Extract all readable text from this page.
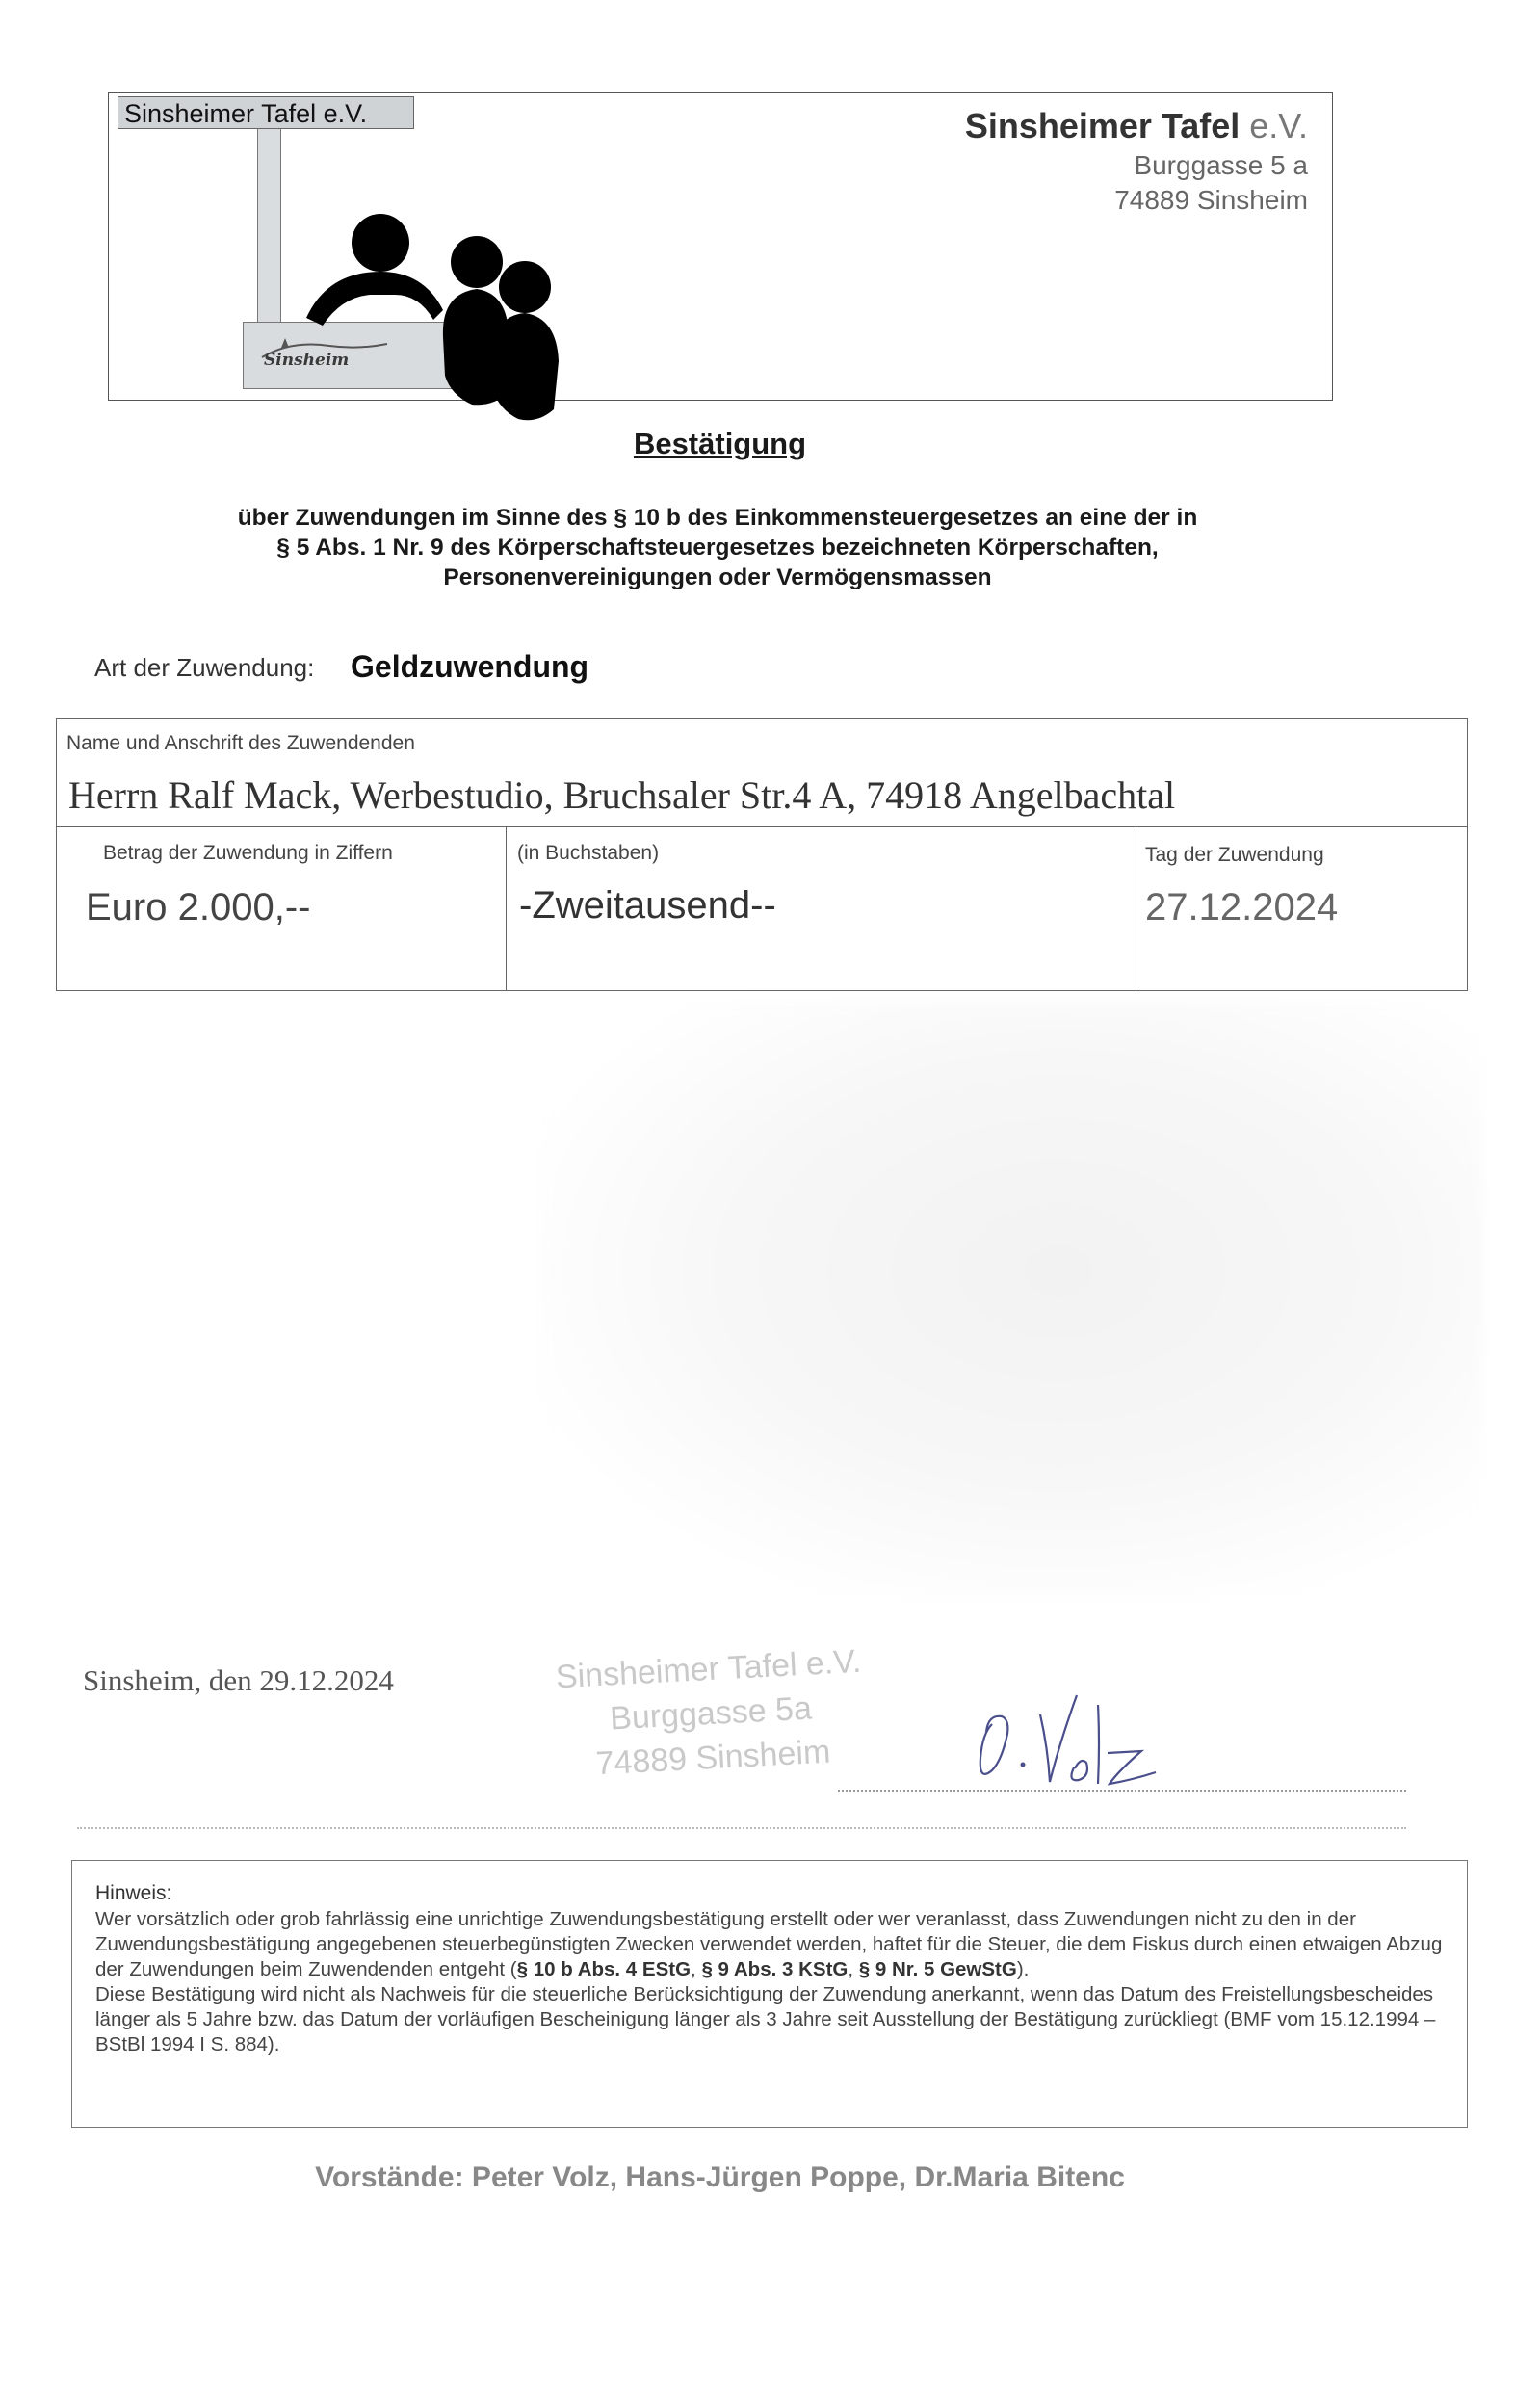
Sinsheimer Tafel e.V.
Sinsheim
Sinsheimer Tafel e.V.
Burggasse 5 a
74889 Sinsheim
Bestätigung
über Zuwendungen im Sinne des § 10 b des Einkommensteuergesetzes an eine der in
§ 5 Abs. 1 Nr. 9 des Körperschaftsteuergesetzes bezeichneten Körperschaften,
Personenvereinigungen oder Vermögensmassen
Art der Zuwendung: Geldzuwendung
Name und Anschrift des Zuwendenden
Herrn Ralf Mack, Werbestudio, Bruchsaler Str.4 A, 74918 Angelbachtal
Betrag der Zuwendung in Ziffern
Euro 2.000,--
(in Buchstaben)
-Zweitausend--
Tag der Zuwendung
27.12.2024
Sinsheim, den 29.12.2024	Sinsheimer Tafel e.V.
Burggasse 5a
74889 Sinsheim
Hinweis:
Wer vorsätzlich oder grob fahrlässig eine unrichtige Zuwendungsbestätigung erstellt oder wer veranlasst, dass Zuwendungen nicht zu den in der Zuwendungsbestätigung angegebenen steuerbegünstigten Zwecken verwendet werden, haftet für die Steuer, die dem Fiskus durch einen etwaigen Abzug der Zuwendungen beim Zuwendenden entgeht (§ 10 b Abs. 4 EStG, § 9 Abs. 3 KStG, § 9 Nr. 5 GewStG).
Diese Bestätigung wird nicht als Nachweis für die steuerliche Berücksichtigung der Zuwendung anerkannt, wenn das Datum des Freistellungsbescheides länger als 5 Jahre bzw. das Datum der vorläufigen Bescheinigung länger als 3 Jahre seit Ausstellung der Bestätigung zurückliegt (BMF vom 15.12.1994 – BStBl 1994 I S. 884).
Vorstände: Peter Volz, Hans-Jürgen Poppe, Dr.Maria Bitenc
